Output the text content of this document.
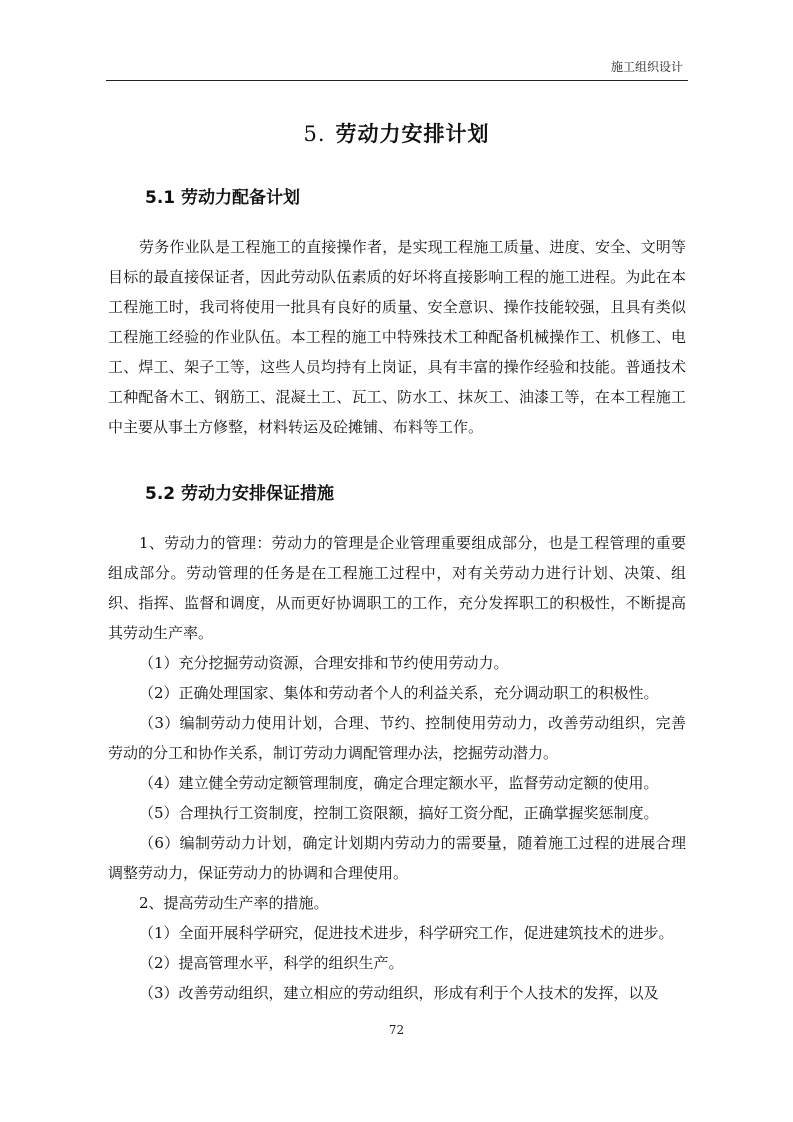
施工组织设计
5. 劳动力安排计划
5.1 劳动力配备计划

劳务作业队是工程施工的直接操作者，是实现工程施工质量、进度、安全、文明等目标的最直接保证者，因此劳动队伍素质的好坏将直接影响工程的施工进程。为此在本工程施工时，我司将使用一批具有良好的质量、安全意识、操作技能较强，且具有类似工程施工经验的作业队伍。本工程的施工中特殊技术工种配备机械操作工、机修工、电工、焊工、架子工等，这些人员均持有上岗证，具有丰富的操作经验和技能。普通技术工种配备木工、钢筋工、混凝土工、瓦工、防水工、抹灰工、油漆工等，在本工程施工中主要从事土方修整，材料转运及砼摊铺、布料等工作。

5.2 劳动力安排保证措施

1、劳动力的管理：劳动力的管理是企业管理重要组成部分，也是工程管理的重要组成部分。劳动管理的任务是在工程施工过程中，对有关劳动力进行计划、决策、组织、指挥、监督和调度，从而更好协调职工的工作，充分发挥职工的积极性，不断提高其劳动生产率。

（1）充分挖掘劳动资源，合理安排和节约使用劳动力。

（2）正确处理国家、集体和劳动者个人的利益关系，充分调动职工的积极性。

（3）编制劳动力使用计划，合理、节约、控制使用劳动力，改善劳动组织，完善劳动的分工和协作关系，制订劳动力调配管理办法，挖掘劳动潜力。

（4）建立健全劳动定额管理制度，确定合理定额水平，监督劳动定额的使用。

（5）合理执行工资制度，控制工资限额，搞好工资分配，正确掌握奖惩制度。

（6）编制劳动力计划，确定计划期内劳动力的需要量，随着施工过程的进展合理调整劳动力，保证劳动力的协调和合理使用。

2、提高劳动生产率的措施。

（1）全面开展科学研究，促进技术进步，科学研究工作，促进建筑技术的进步。

（2）提高管理水平，科学的组织生产。

（3）改善劳动组织，建立相应的劳动组织，形成有利于个人技术的发挥，以及

72
